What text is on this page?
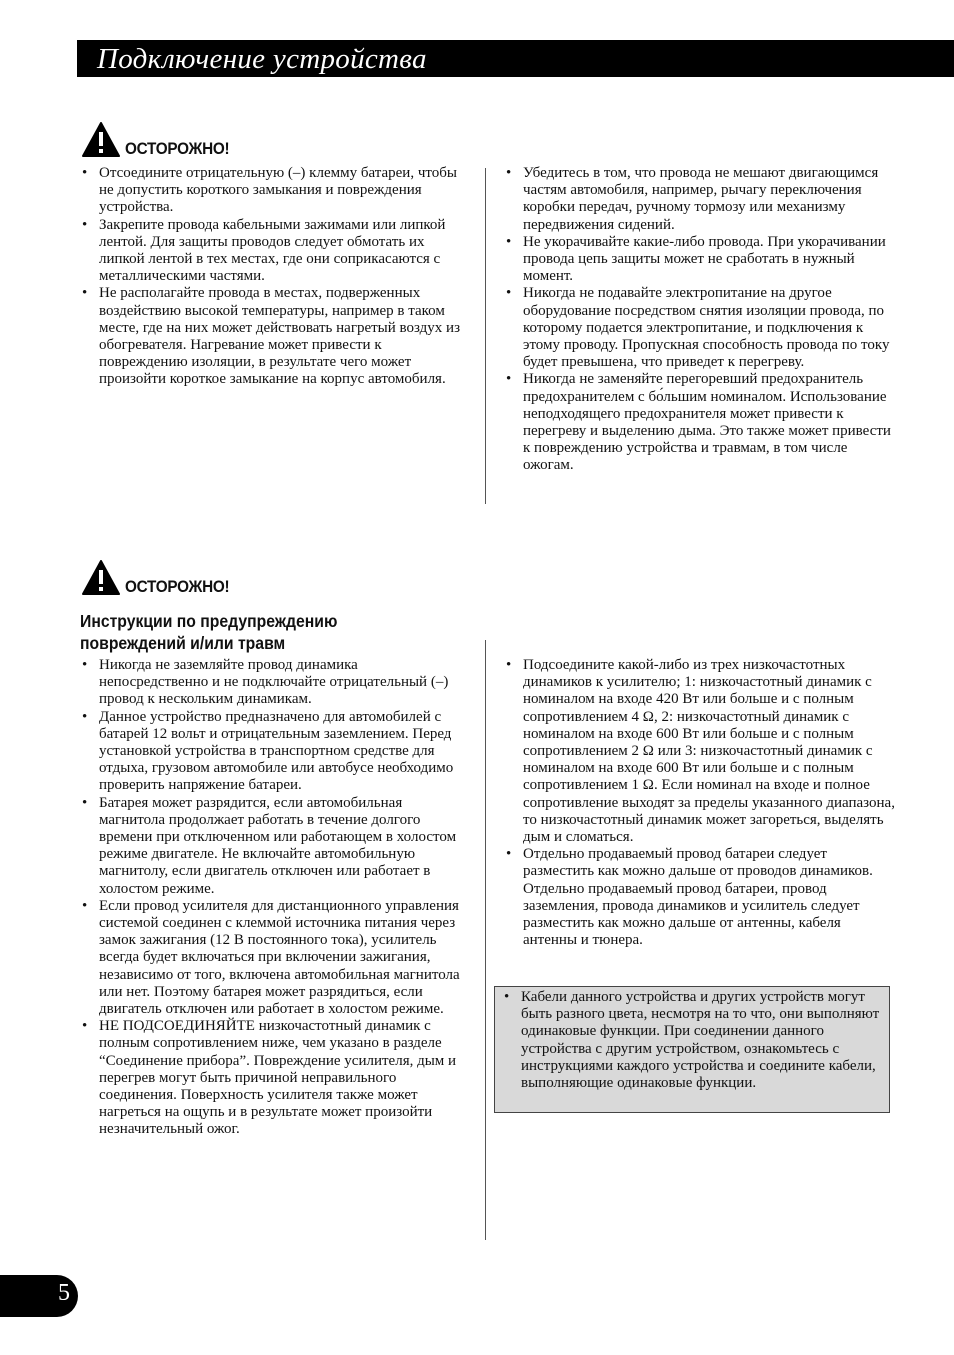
Подключение устройства
ОСТОРОЖНО!
• Отсоедините отрицательную (–) клемму батареи, чтобы не допустить короткого замыкания и повреждения устройства.
• Закрепите провода кабельными зажимами или липкой лентой. Для защиты проводов следует обмотать их липкой лентой в тех местах, где они соприкасаются с металлическими частями.
• Не располагайте провода в местах, подверженных воздействию высокой температуры, например в таком месте, где на них может действовать нагретый воздух из обогревателя. Нагревание может привести к повреждению изоляции, в результате чего может произойти короткое замыкание на корпус автомобиля.
• Убедитесь в том, что провода не мешают двигающимся частям автомобиля, например, рычагу переключения коробки передач, ручному тормозу или механизму передвижения сидений.
• Не укорачивайте какие-либо провода. При укорачивании провода цепь защиты может не сработать в нужный момент.
• Никогда не подавайте электропитание на другое оборудование посредством снятия изоляции провода, по которому подается электропитание, и подключения к этому проводу. Пропускная способность провода по току будет превышена, что приведет к перегреву.
• Никогда не заменяйте перегоревший предохранитель предохранителем с бо́льшим номиналом. Использование неподходящего предохранителя может привести к перегреву и выделению дыма. Это также может привести к повреждению устройства и травмам, в том числе ожогам.
ОСТОРОЖНО!
Инструкции по предупреждению
повреждений и/или травм
• Никогда не заземляйте провод динамика непосредственно и не подключайте отрицательный (–) провод к нескольким динамикам.
• Данное устройство предназначено для автомобилей с батарей 12 вольт и отрицательным заземлением. Перед установкой устройства в транспортном средстве для отдыха, грузовом автомобиле или автобусе необходимо проверить напряжение батареи.
• Батарея может разрядится, если автомобильная магнитола продолжает работать в течение долгого времени при отключенном или работающем в холостом режиме двигателе. Не включайте автомобильную магнитолу, если двигатель отключен или работает в холостом режиме.
• Если провод усилителя для дистанционного управления системой соединен с клеммой источника питания через замок зажигания (12 В постоянного тока), усилитель всегда будет включаться при включении зажигания, независимо от того, включена автомобильная магнитола или нет. Поэтому батарея может разрядиться, если двигатель отключен или работает в холостом режиме.
• НЕ ПОДСОЕДИНЯЙТЕ низкочастотный динамик с полным сопротивлением ниже, чем указано в разделе “Соединение прибора”. Повреждение усилителя, дым и перегрев могут быть причиной неправильного соединения. Поверхность усилителя также может нагреться на ощупь и в результате может произойти незначительный ожог.
• Подсоедините какой-либо из трех низкочастотных динамиков к усилителю; 1: низкочастотный динамик с номиналом на входе 420 Вт или больше и с полным сопротивлением 4 Ω, 2: низкочастотный динамик с номиналом на входе 600 Вт или больше и с полным сопротивлением 2 Ω или 3: низкочастотный динамик с номиналом на входе 600 Вт или больше и с полным сопротивлением 1 Ω. Если номинал на входе и полное сопротивление выходят за пределы указанного диапазона, то низкочастотный динамик может загореться, выделять дым и сломаться.
• Отдельно продаваемый провод батареи следует разместить как можно дальше от проводов динамиков. Отдельно продаваемый провод батареи, провод заземления, провода динамиков и усилитель следует разместить как можно дальше от антенны, кабеля антенны и тюнера.
• Кабели данного устройства и других устройств могут быть разного цвета, несмотря на то что, они выполняют одинаковые функции. При соединении данного устройства с другим устройством, ознакомьтесь с инструкциями каждого устройства и соедините кабели, выполняющие одинаковые функции.
5
